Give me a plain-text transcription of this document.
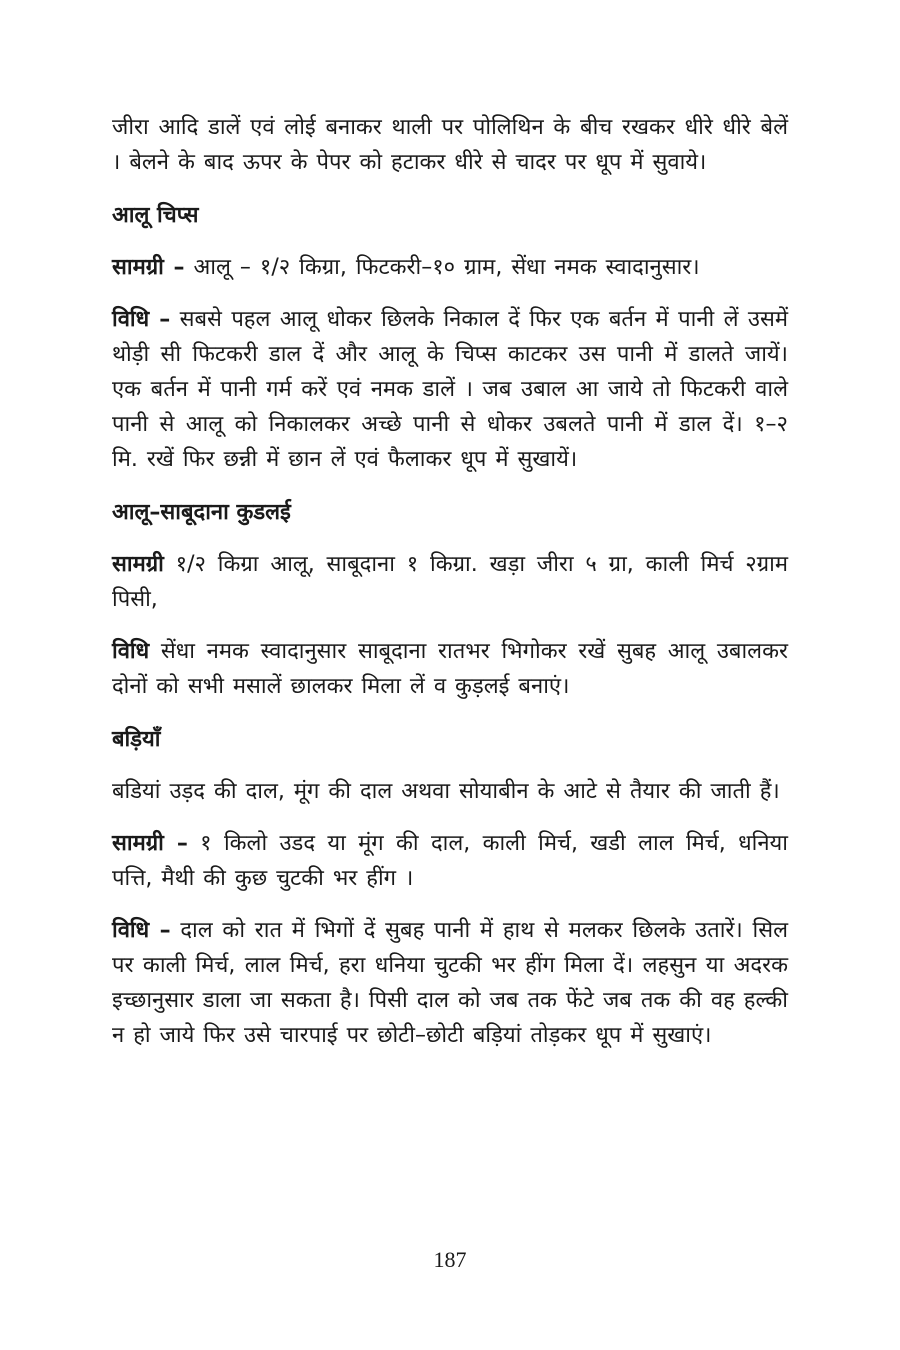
जीरा आदि डालें एवं लोई बनाकर थाली पर पोलिथिन के बीच रखकर धीरे धीरे बेलें । बेलने के बाद ऊपर के पेपर को हटाकर धीरे से चादर पर धूप में सुवाये।

आलू चिप्स

सामग्री – आलू – १/२ किग्रा, फिटकरी–१० ग्राम, सेंधा नमक स्वादानुसार।

विधि – सबसे पहल आलू धोकर छिलके निकाल दें फिर एक बर्तन में पानी लें उसमें थोड़ी सी फिटकरी डाल दें और आलू के चिप्स काटकर उस पानी में डालते जायें। एक बर्तन में पानी गर्म करें एवं नमक डालें । जब उबाल आ जाये तो फिटकरी वाले पानी से आलू को निकालकर अच्छे पानी से धोकर उबलते पानी में डाल दें। १–२ मि. रखें फिर छन्नी में छान लें एवं फैलाकर धूप में सुखायें।

आलू–साबूदाना कुडलई

सामग्री १/२ किग्रा आलू, साबूदाना १ किग्रा. खड़ा जीरा ५ ग्रा, काली मिर्च २ग्राम पिसी,

विधि सेंधा नमक स्वादानुसार साबूदाना रातभर भिगोकर रखें सुबह आलू उबालकर दोनों को सभी मसालें छालकर मिला लें व कुड़लई बनाएं।

बड़ियाँ

बडियां उड़द की दाल, मूंग की दाल अथवा सोयाबीन के आटे से तैयार की जाती हैं।

सामग्री – १ किलो उडद या मूंग की दाल, काली मिर्च, खडी लाल मिर्च, धनिया पत्ति, मैथी की कुछ चुटकी भर हींग ।

विधि – दाल को रात में भिगों दें सुबह पानी में हाथ से मलकर छिलके उतारें। सिल पर काली मिर्च, लाल मिर्च, हरा धनिया चुटकी भर हींग मिला दें। लहसुन या अदरक इच्छानुसार डाला जा सकता है। पिसी दाल को जब तक फेंटे जब तक की वह हल्की न हो जाये फिर उसे चारपाई पर छोटी–छोटी बड़ियां तोड़कर धूप में सुखाएं।

187
